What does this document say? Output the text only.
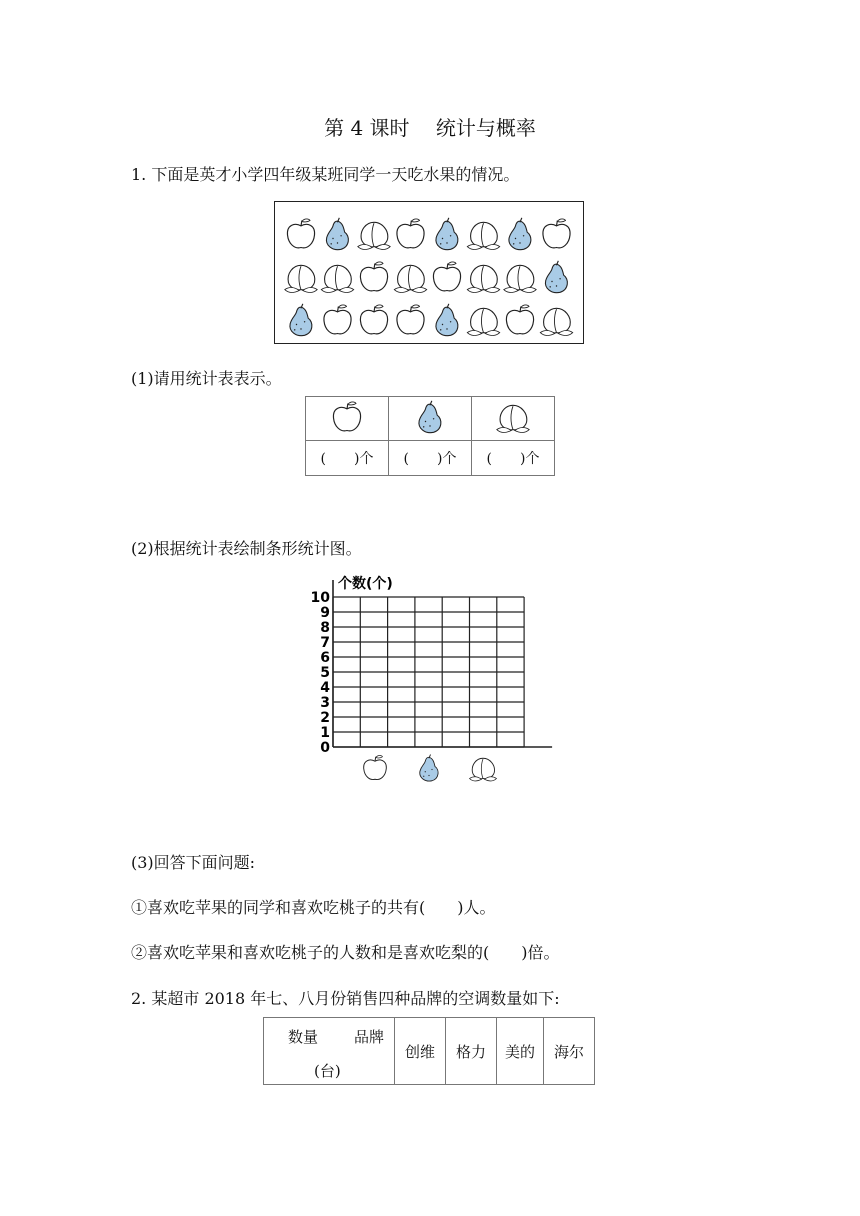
第 4 课时　 统计与概率
1. 下面是英才小学四年级某班同学一天吃水果的情况。
(1)请用统计表表示。

(　　)个	(　　)个	(　　)个
(2)根据统计表绘制条形统计图。
个数(个)
10
9
8
7
6
5
4
3
2
1
0
(3)回答下面问题:
①喜欢吃苹果的同学和喜欢吃桃子的共有(　　)人。
②喜欢吃苹果和喜欢吃桃子的人数和是喜欢吃梨的(　　)倍。
2. 某超市 2018 年七、八月份销售四种品牌的空调数量如下:
数量 品牌
(台)
	创维	格力	美的	海尔
